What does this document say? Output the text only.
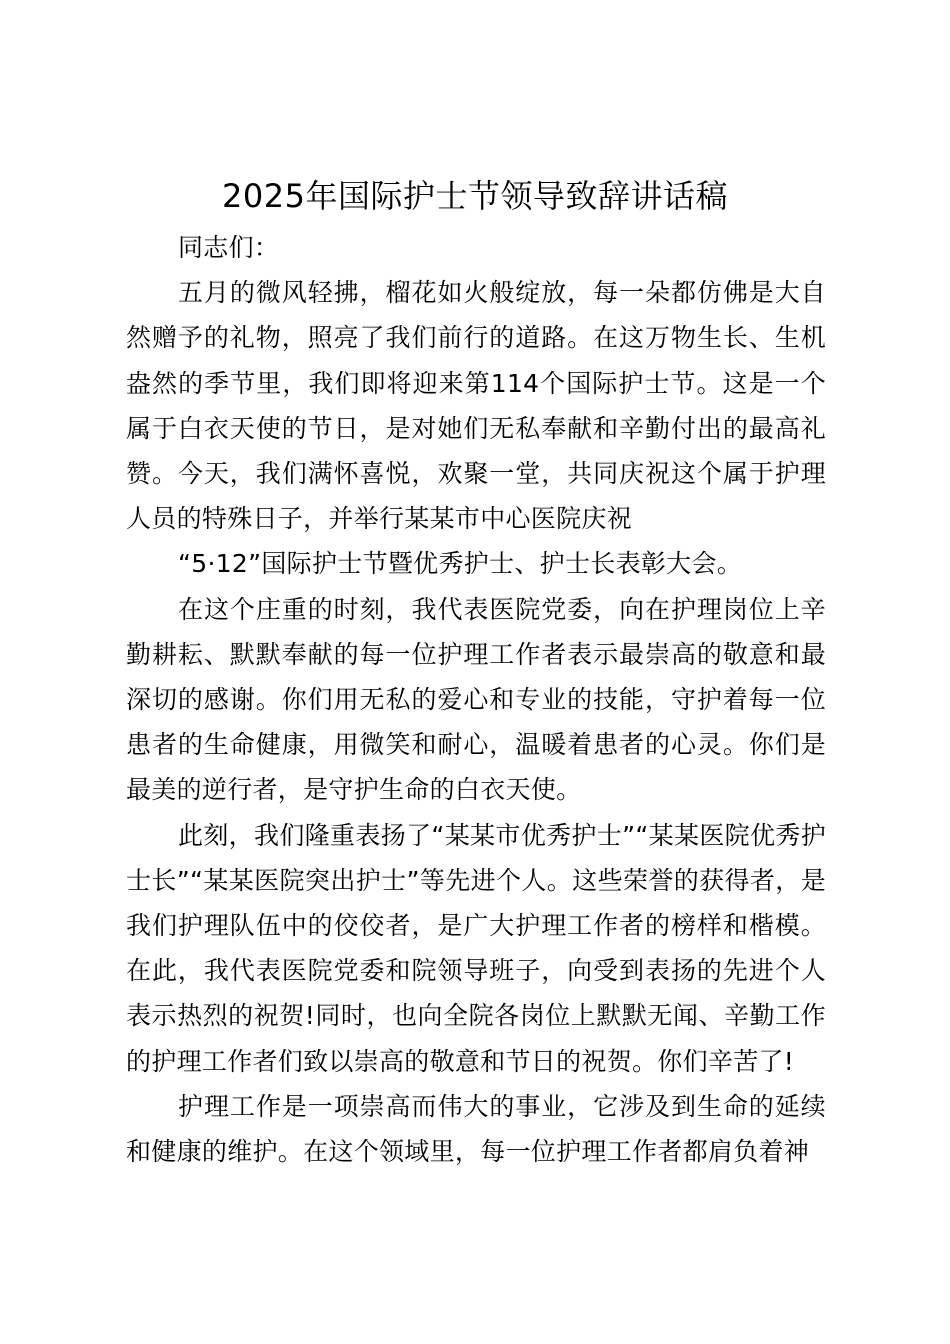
2025年国际护士节领导致辞讲话稿

同志们：

五月的微风轻拂，榴花如火般绽放，每一朵都仿佛是大自然赠予的礼物，照亮了我们前行的道路。在这万物生长、生机盎然的季节里，我们即将迎来第114个国际护士节。这是一个属于白衣天使的节日，是对她们无私奉献和辛勤付出的最高礼赞。今天，我们满怀喜悦，欢聚一堂，共同庆祝这个属于护理人员的特殊日子，并举行某某市中心医院庆祝

“5·12”国际护士节暨优秀护士、护士长表彰大会。

在这个庄重的时刻，我代表医院党委，向在护理岗位上辛勤耕耘、默默奉献的每一位护理工作者表示最崇高的敬意和最深切的感谢。你们用无私的爱心和专业的技能，守护着每一位患者的生命健康，用微笑和耐心，温暖着患者的心灵。你们是最美的逆行者，是守护生命的白衣天使。

此刻，我们隆重表扬了“某某市优秀护士”“某某医院优秀护士长”“某某医院突出护士”等先进个人。这些荣誉的获得者，是我们护理队伍中的佼佼者，是广大护理工作者的榜样和楷模。在此，我代表医院党委和院领导班子，向受到表扬的先进个人表示热烈的祝贺!同时，也向全院各岗位上默默无闻、辛勤工作的护理工作者们致以崇高的敬意和节日的祝贺。你们辛苦了!

护理工作是一项崇高而伟大的事业，它涉及到生命的延续和健康的维护。在这个领域里，每一位护理工作者都肩负着神
